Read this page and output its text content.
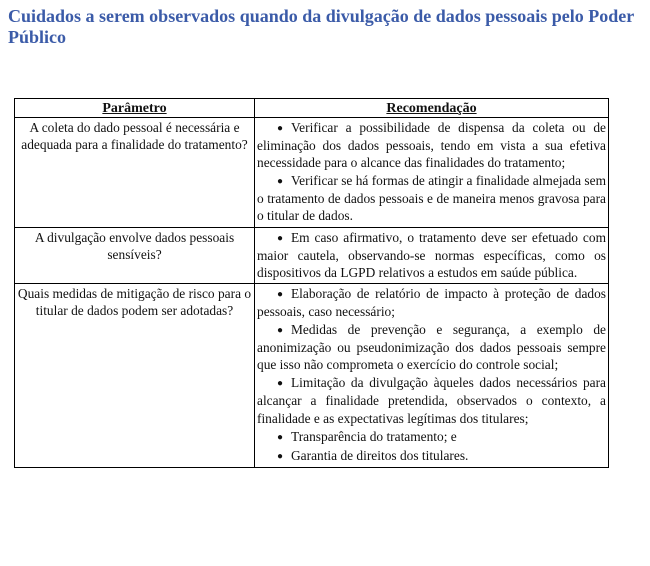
Cuidados a serem observados quando da divulgação de dados pessoais pelo Poder Público
Parâmetro	Recomendação
A coleta do dado pessoal é necessária e adequada para a finalidade do tratamento?	● Verificar a possibilidade de dispensa da coleta ou de eliminação dos dados pessoais, tendo em vista a sua efetiva necessidade para o alcance das finalidades do tratamento;

● Verificar se há formas de atingir a finalidade almejada sem o tratamento de dados pessoais e de maneira menos gravosa para o titular de dados.

A divulgação envolve dados pessoais sensíveis?	● Em caso afirmativo, o tratamento deve ser efetuado com maior cautela, observando-se normas específicas, como os dispositivos da LGPD relativos a estudos em saúde pública.

Quais medidas de mitigação de risco para o titular de dados podem ser adotadas?	● Elaboração de relatório de impacto à proteção de dados pessoais, caso necessário;

● Medidas de prevenção e segurança, a exemplo de anonimização ou pseudonimização dos dados pessoais sempre que isso não comprometa o exercício do controle social;

● Limitação da divulgação àqueles dados necessários para alcançar a finalidade pretendida, observados o contexto, a finalidade e as expectativas legítimas dos titulares;

● Transparência do tratamento; e

● Garantia de direitos dos titulares.
